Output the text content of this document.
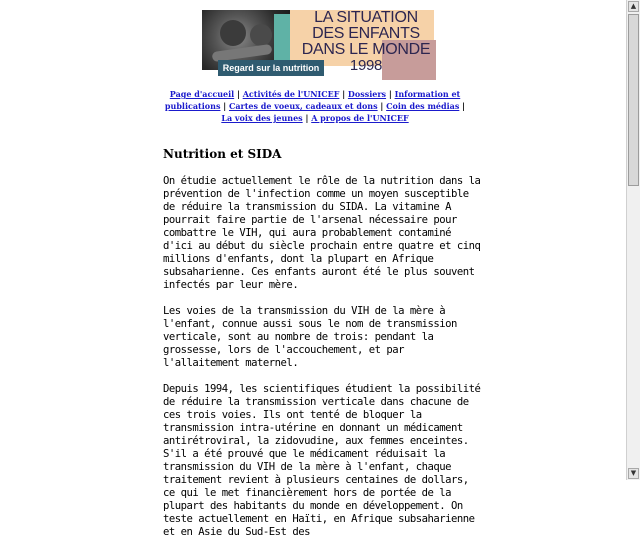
LA SITUATION
DES ENFANTS
DANS LE MONDE
1998
Regard sur la nutrition
Page d'accueil | Activités de l'UNICEF | Dossiers | Information et publications | Cartes de voeux, cadeaux et dons | Coin des médias | La voix des jeunes | A propos de l'UNICEF
Nutrition et SIDA

On étudie actuellement le rôle de la nutrition dans la prévention de l'infection comme un moyen susceptible de réduire la transmission du SIDA. La vitamine A pourrait faire partie de l'arsenal nécessaire pour combattre le VIH, qui aura probablement contaminé d'ici au début du siècle prochain entre quatre et cinq millions d'enfants, dont la plupart en Afrique subsaharienne. Ces enfants auront été le plus souvent infectés par leur mère.

Les voies de la transmission du VIH de la mère à l'enfant, connue aussi sous le nom de transmission verticale, sont au nombre de trois: pendant la grossesse, lors de l'accouchement, et par l'allaitement maternel.

Depuis 1994, les scientifiques étudient la possibilité de réduire la transmission verticale dans chacune de ces trois voies. Ils ont tenté de bloquer la transmission intra-utérine en donnant un médicament antirétroviral, la zidovudine, aux femmes enceintes. S'il a été prouvé que le médicament réduisait la transmission du VIH de la mère à l'enfant, chaque traitement revient à plusieurs centaines de dollars, ce qui le met financièrement hors de portée de la plupart des habitants du monde en développement. On teste actuellement en Haïti, en Afrique subsaharienne et en Asie du Sud-Est des

▲
▼
